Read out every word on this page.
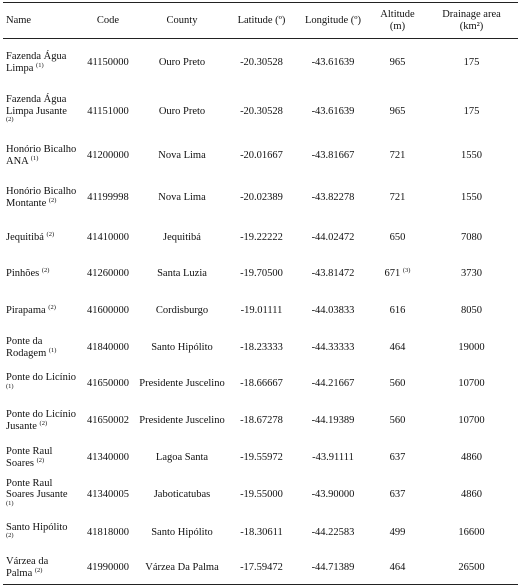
Name	Code	County	Latitude (º)	Longitude (º)	Altitude (m)	Drainage area
(km²)
Fazenda Água Limpa $^{(1)}$	41150000	Ouro Preto	-20.30528	-43.61639	965	175
Fazenda Água Limpa Jusante $^{(2)}$	41151000	Ouro Preto	-20.30528	-43.61639	965	175
Honório Bicalho ANA $^{(1)}$	41200000	Nova Lima	-20.01667	-43.81667	721	1550
Honório Bicalho Montante $^{(2)}$	41199998	Nova Lima	-20.02389	-43.82278	721	1550
Jequitibá $^{(2)}$	41410000	Jequitibá	-19.22222	-44.02472	650	7080
Pinhões $^{(2)}$	41260000	Santa Luzia	-19.70500	-43.81472	671 $^{(3)}$	3730
Pirapama $^{(2)}$	41600000	Cordisburgo	-19.01111	-44.03833	616	8050
Ponte da Rodagem $^{(1)}$	41840000	Santo Hipólito	-18.23333	-44.33333	464	19000
Ponte do Licínio $^{(1)}$	41650000	Presidente Juscelino	-18.66667	-44.21667	560	10700
Ponte do Licínio Jusante $^{(2)}$	41650002	Presidente Juscelino	-18.67278	-44.19389	560	10700
Ponte Raul Soares $^{(2)}$	41340000	Lagoa Santa	-19.55972	-43.91111	637	4860
Ponte Raul Soares Jusante $^{(1)}$	41340005	Jaboticatubas	-19.55000	-43.90000	637	4860
Santo Hipólito $^{(2)}$	41818000	Santo Hipólito	-18.30611	-44.22583	499	16600
Várzea da Palma $^{(2)}$	41990000	Várzea Da Palma	-17.59472	-44.71389	464	26500
